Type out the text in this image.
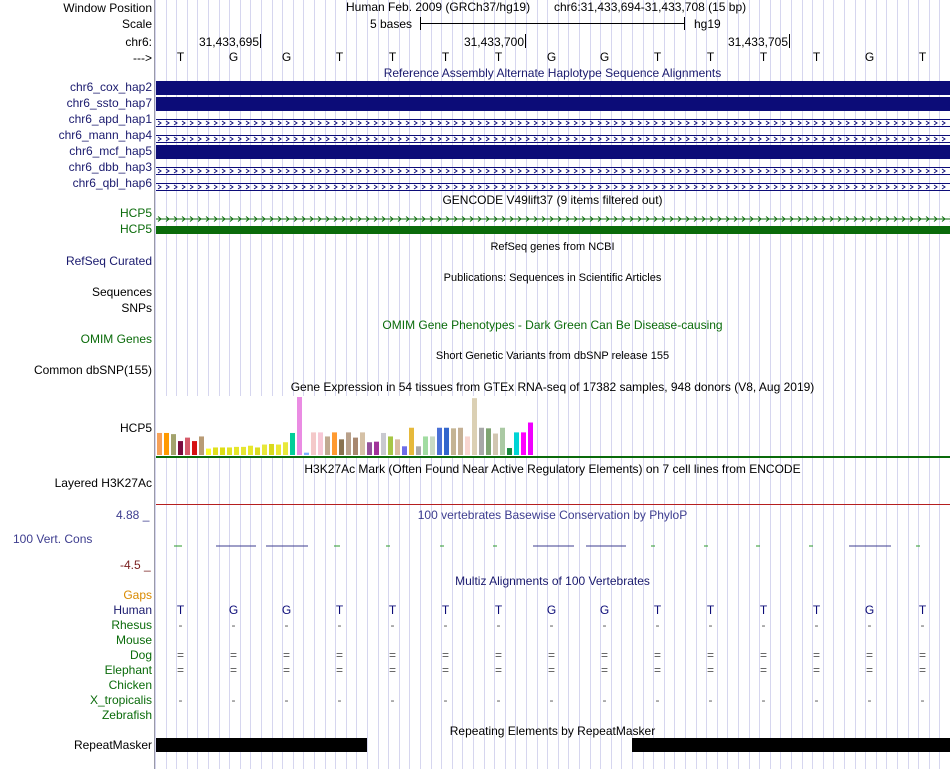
Window Position
Scale
chr6:
--->
Human Feb. 2009 (GRCh37/hg19) chr6:31,433,694-31,433,708 (15 bp)
5 bases	hg19
31,433,695	31,433,700	31,433,705
T	G	G	T	T	T	T	G	G	T	T	T	T	G	T
Reference Assembly Alternate Haplotype Sequence Alignments
chr6_cox_hap2
chr6_ssto_hap7
chr6_apd_hap1
chr6_mann_hap4
chr6_mcf_hap5
chr6_dbb_hap3
chr6_qbl_hap6
GENCODE V49lift37 (9 items filtered out)
HCP5
HCP5
RefSeq genes from NCBI
RefSeq Curated
Publications: Sequences in Scientific Articles
Sequences
SNPs
OMIM Gene Phenotypes - Dark Green Can Be Disease-causing
OMIM Genes
Short Genetic Variants from dbSNP release 155
Common dbSNP(155)
Gene Expression in 54 tissues from GTEx RNA-seq of 17382 samples, 948 donors (V8, Aug 2019)
HCP5
H3K27Ac Mark (Often Found Near Active Regulatory Elements) on 7 cell lines from ENCODE
Layered H3K27Ac
100 vertebrates Basewise Conservation by PhyloP
4.88 _
100 Vert. Cons
-4.5 _
Multiz Alignments of 100 Vertebrates
Gaps
Human	T	G	G	T	T	T	T	G	G	T	T	T	T	G	T
Rhesus	-	-	-	-	-	-	-	-	-	-	-	-	-	-	-
Mouse
Dog	=	=	=	=	=	=	=	=	=	=	=	=	=	=	=
Elephant	=	=	=	=	=	=	=	=	=	=	=	=	=	=	=
Chicken
X_tropicalis	-	-	-	-	-	-	-	-	-	-	-	-	-	-	-
Zebrafish
Repeating Elements by RepeatMasker
RepeatMasker
